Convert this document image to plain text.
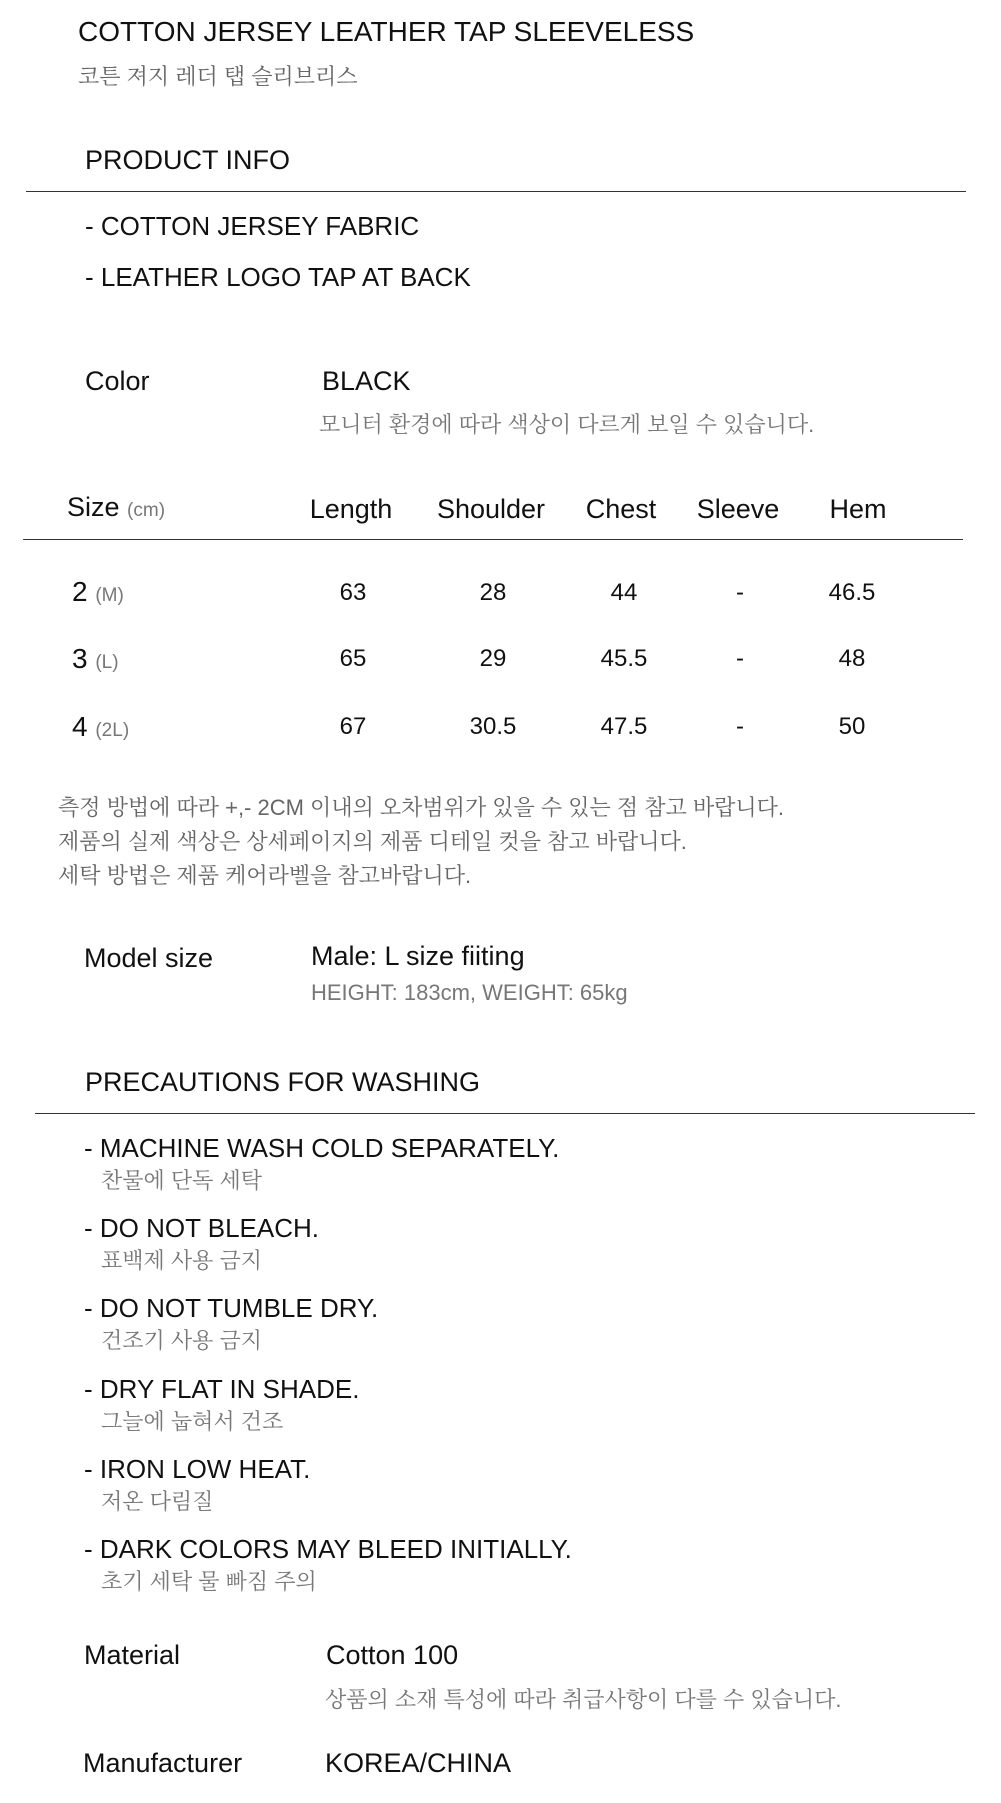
COTTON JERSEY LEATHER TAP SLEEVELESS
코튼 져지 레더 탭 슬리브리스
PRODUCT INFO
- COTTON JERSEY FABRIC
- LEATHER LOGO TAP AT BACK
Color	BLACK
모니터 환경에 따라 색상이 다르게 보일 수 있습니다.
Size (cm)	Length Shoulder Chest Sleeve Hem
2 (M)	63	28	44	-	46.5
3 (L)	65	29	45.5	-	48
4 (2L)	67	30.5	47.5	-	50
측정 방법에 따라 +,- 2CM 이내의 오차범위가 있을 수 있는 점 참고 바랍니다.
제품의 실제 색상은 상세페이지의 제품 디테일 컷을 참고 바랍니다.
세탁 방법은 제품 케어라벨을 참고바랍니다.
Model size	Male: L size fiiting
HEIGHT: 183cm, WEIGHT: 65kg
PRECAUTIONS FOR WASHING
- MACHINE WASH COLD SEPARATELY.
찬물에 단독 세탁
- DO NOT BLEACH.
표백제 사용 금지
- DO NOT TUMBLE DRY.
건조기 사용 금지
- DRY FLAT IN SHADE.
그늘에 눕혀서 건조
- IRON LOW HEAT.
저온 다림질
- DARK COLORS MAY BLEED INITIALLY.
초기 세탁 물 빠짐 주의
Material	Cotton 100
상품의 소재 특성에 따라 취급사항이 다를 수 있습니다.
Manufacturer	KOREA/CHINA
